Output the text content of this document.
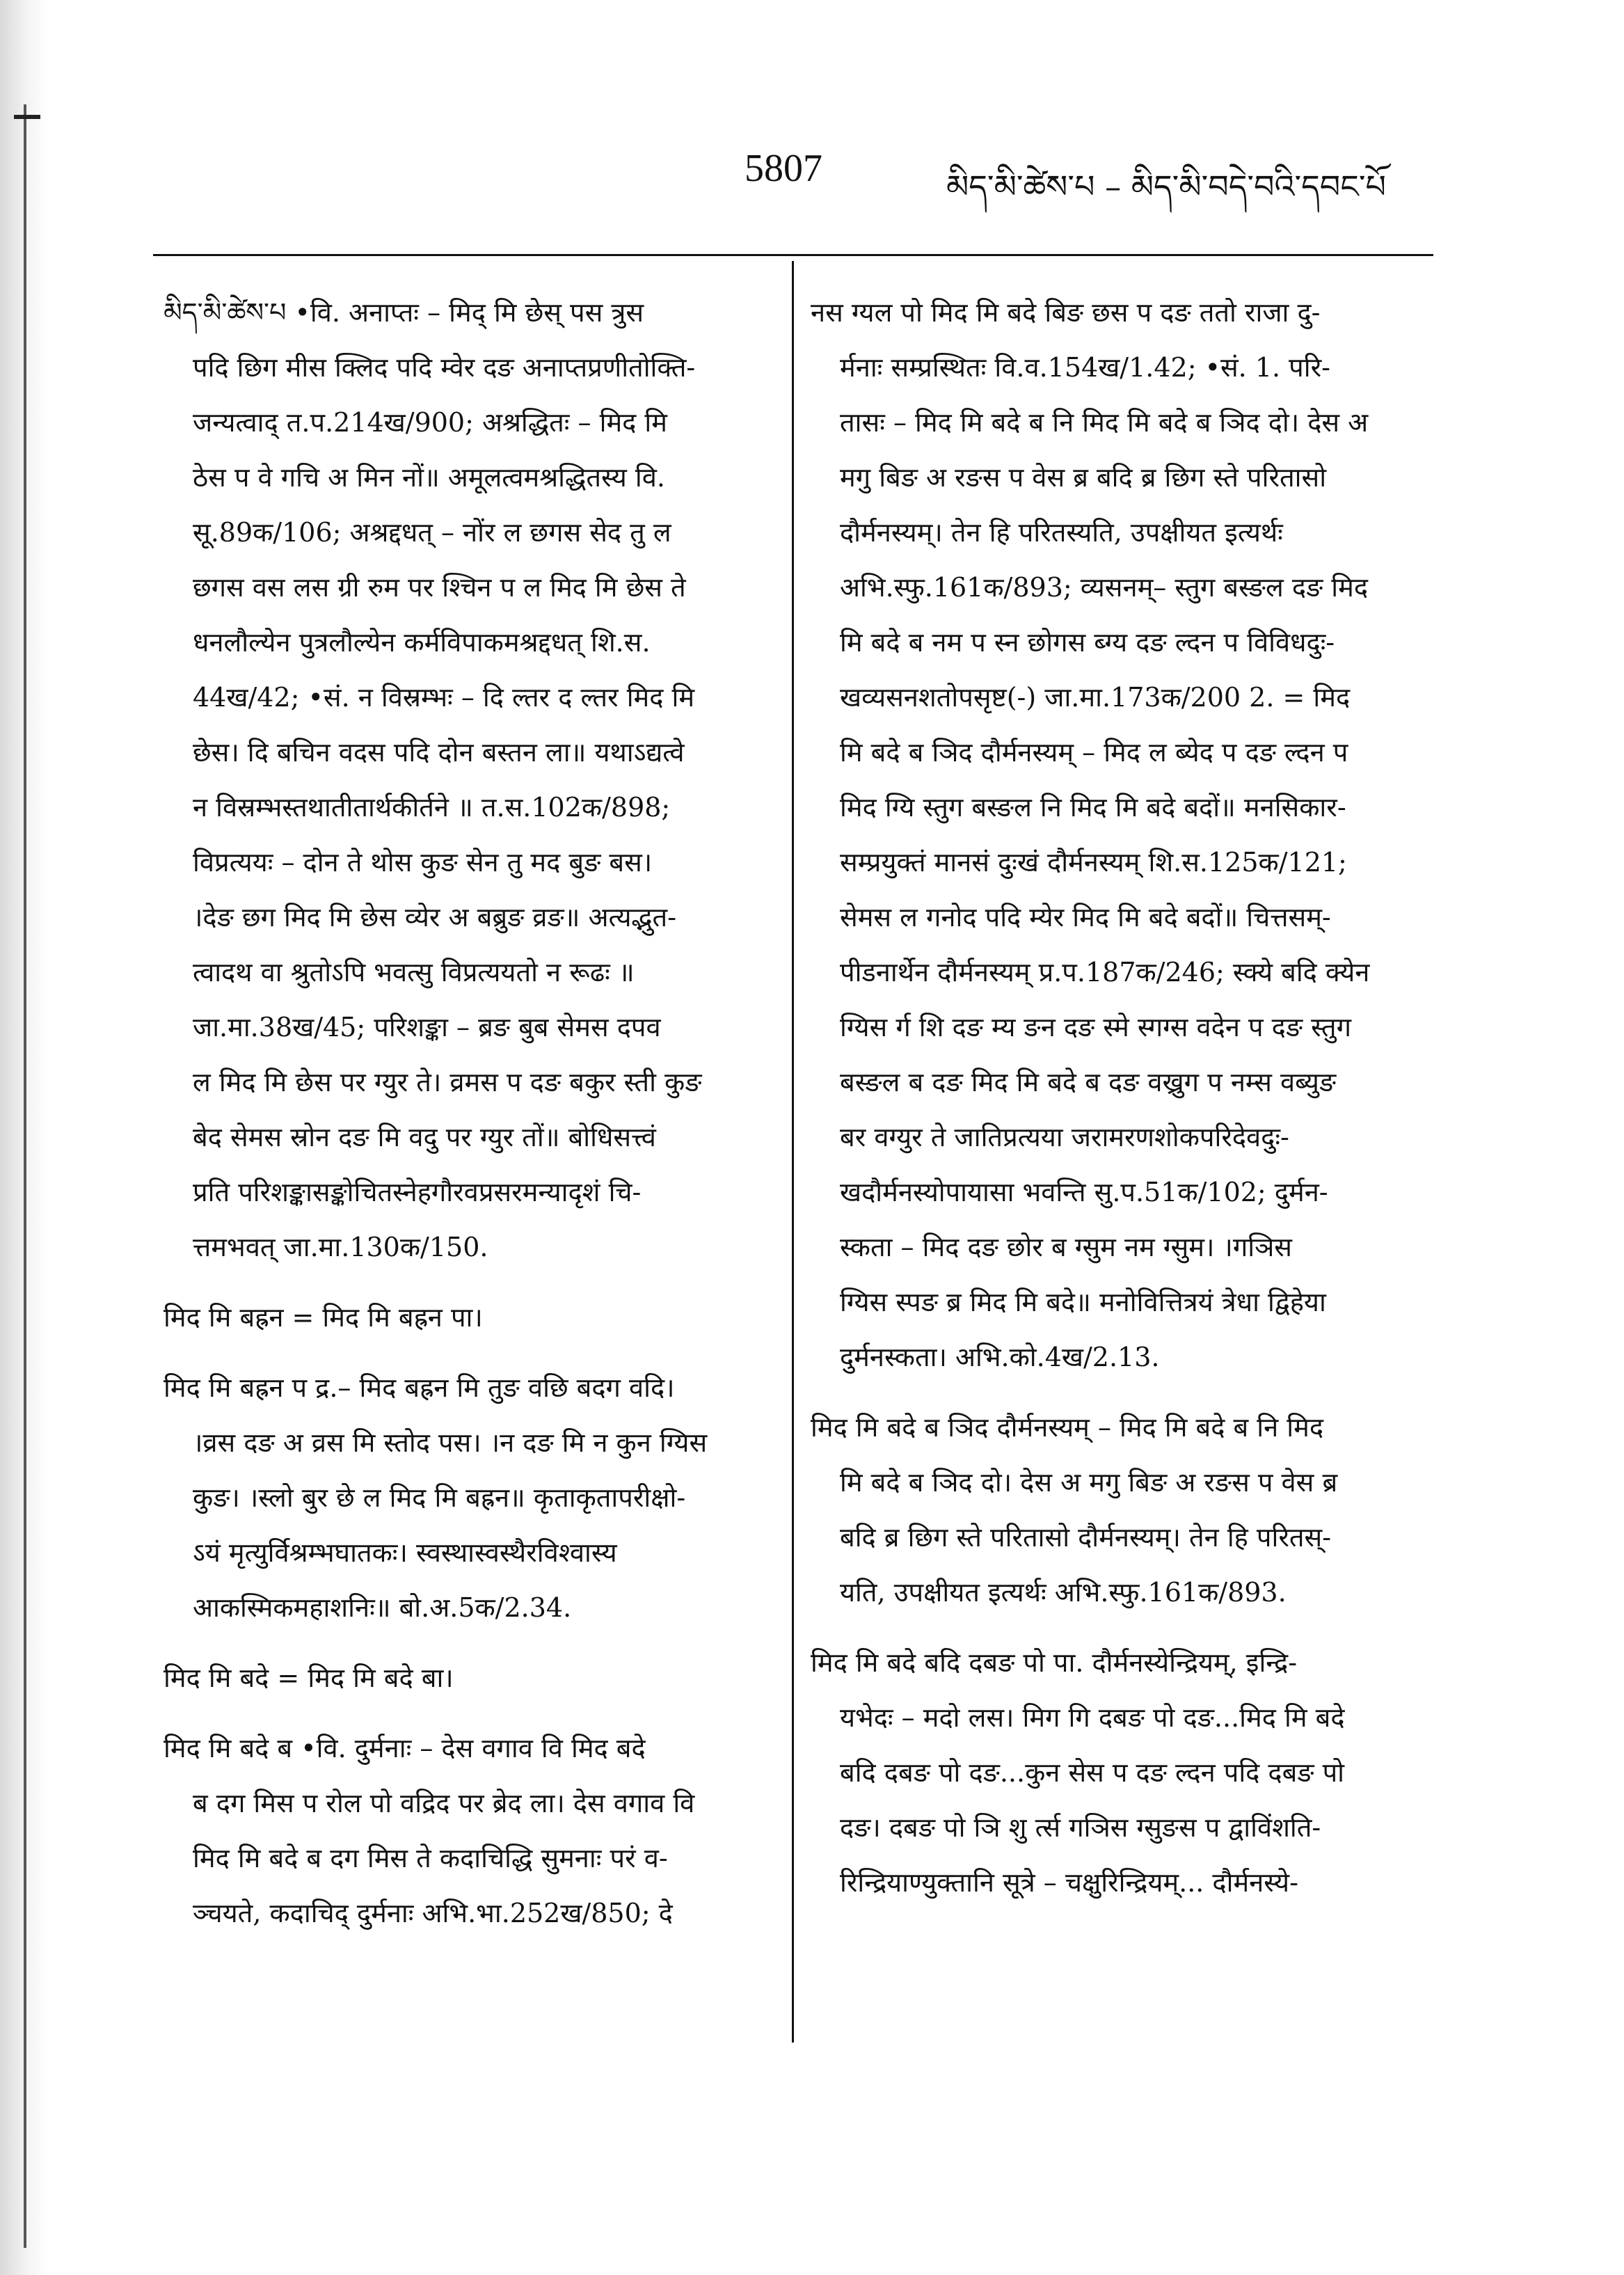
5807	མིད་མི་ཚེས་པ – མིད་མི་བདེ་བའི་དབང་པོ
མིད་མི་ཚེས་པ •वि. अनाप्तः – मिद्‌ मि छेस् पस त्रुस
पदि छिग मीस क्लिद पदि म्वेर दङ अनाप्तप्रणीतोक्ति-
जन्यत्वाद् त.प.214ख/900; अश्रद्धितः – मिद मि
ठेस प वे गचि अ मिन नों॥ अमूलत्वमश्रद्धितस्य वि.
सू.89क/106; अश्रद्दधत् – नोंर ल छगस सेद तु ल
छगस वस लस ग्री रुम पर श्चिन प ल मिद मि छेस ते
धनलौल्येन पुत्रलौल्येन कर्मविपाकमश्रद्दधत् शि.स.
44ख/42; •सं. न विस्रम्भः – दि ल्तर द ल्तर मिद मि
छेस। दि बचिन वदस पदि दोन बस्तन ला॥ यथाऽद्यत्वे
न विस्रम्भस्तथातीतार्थकीर्तने ॥ त.स.102क/898;
विप्रत्ययः – दोन ते थोस कुङ सेन तु मद बुङ बस।
।देङ छग मिद मि छेस व्येर अ बब्रुङ व्रङ॥ अत्यद्भुत-
त्वादथ वा श्रुतोऽपि भवत्सु विप्रत्ययतो न रूढः ॥
जा.मा.38ख/45; परिशङ्का – ब्रङ बुब सेमस दपव
ल मिद मि छेस पर ग्युर ते। व्रमस प दङ बकुर स्ती कुङ
बेद सेमस स्रोन दङ मि वदु पर ग्युर तों॥ बोधिसत्त्वं
प्रति परिशङ्कासङ्कोचितस्नेहगौरवप्रसरमन्यादृशं चि-
त्तमभवत् जा.मा.130क/150.
मिद मि बह्रन = मिद मि बह्रन पा।
मिद मि बह्रन प द्र.– मिद बह्रन मि तुङ वछि बदग वदि।
।व्रस दङ अ व्रस मि स्तोद पस। ।न दङ मि न कुन ग्यिस
कुङ। ।स्लो बुर छे ल मिद मि बह्रन॥ कृताकृतापरीक्षो-
ऽयं मृत्युर्विश्रम्भघातकः। स्वस्थास्वस्थैरविश्वास्य
आकस्मिकमहाशनिः॥ बो.अ.5क/2.34.
मिद मि बदे = मिद मि बदे बा।
मिद मि बदे ब •वि. दुर्मनाः – देस वगाव वि मिद बदे
ब दग मिस प रोल पो वद्रिद पर ब्रेद ला। देस वगाव वि
मिद मि बदे ब दग मिस ते कदाचिद्धि सुमनाः परं व-
ञ्चयते, कदाचिद् दुर्मनाः अभि.भा.252ख/850; दे
नस ग्यल पो मिद मि बदे बिङ छस प दङ ततो राजा दु-
र्मनाः सम्प्रस्थितः वि.व.154ख/1.42; •सं. 1. परि-
तासः – मिद मि बदे ब नि मिद मि बदे ब ञिद दो। देस अ
मगु बिङ अ रङस प वेस ब्र बदि ब्र छिग स्ते परितासो
दौर्मनस्यम्। तेन हि परितस्यति, उपक्षीयत इत्यर्थः
अभि.स्फु.161क/893; व्यसनम्– स्तुग बस्ङल दङ मिद
मि बदे ब नम प स्न छोगस ब्ग्य दङ ल्दन प विविधदुः-
खव्यसनशतोपसृष्ट(-) जा.मा.173क/200 2. = मिद
मि बदे ब ञिद दौर्मनस्यम् – मिद ल ब्येद प दङ ल्दन प
मिद ग्यि स्तुग बस्ङल नि मिद मि बदे बदों॥ मनसिकार-
सम्प्रयुक्तं मानसं दुःखं दौर्मनस्यम् शि.स.125क/121;
सेमस ल गनोद पदि म्येर मिद मि बदे बदों॥ चित्तसम्-
पीडनार्थेन दौर्मनस्यम् प्र.प.187क/246; स्क्ये बदि क्येन
ग्यिस र्ग शि दङ म्य ङन दङ स्मे स्गग्स वदेन प दङ स्तुग
बस्ङल ब दङ मिद मि बदे ब दङ वख्रुग प नम्स वब्युङ
बर वग्युर ते जातिप्रत्यया जरामरणशोकपरिदेवदुः-
खदौर्मनस्योपायासा भवन्ति सु.प.51क/102; दुर्मन-
स्कता – मिद दङ छोर ब ग्सुम नम ग्सुम। ।गञिस
ग्यिस स्पङ ब्र मिद मि बदे॥ मनोवित्तित्रयं त्रेधा द्विहेया
दुर्मनस्कता। अभि.को.4ख/2.13.
मिद मि बदे ब ञिद दौर्मनस्यम् – मिद मि बदे ब नि मिद
मि बदे ब ञिद दो। देस अ मगु बिङ अ रङस प वेस ब्र
बदि ब्र छिग स्ते परितासो दौर्मनस्यम्। तेन हि परितस्-
यति, उपक्षीयत इत्यर्थः अभि.स्फु.161क/893.
मिद मि बदे बदि दबङ पो पा. दौर्मनस्येन्द्रियम्, इन्द्रि-
यभेदः – मदो लस। मिग गि दबङ पो दङ...मिद मि बदे
बदि दबङ पो दङ...कुन सेस प दङ ल्दन पदि दबङ पो
दङ। दबङ पो ञि शु र्त्स गञिस ग्सुङस प द्वाविंशति-
रिन्द्रियाण्युक्तानि सूत्रे – चक्षुरिन्द्रियम्... दौर्मनस्ये-
